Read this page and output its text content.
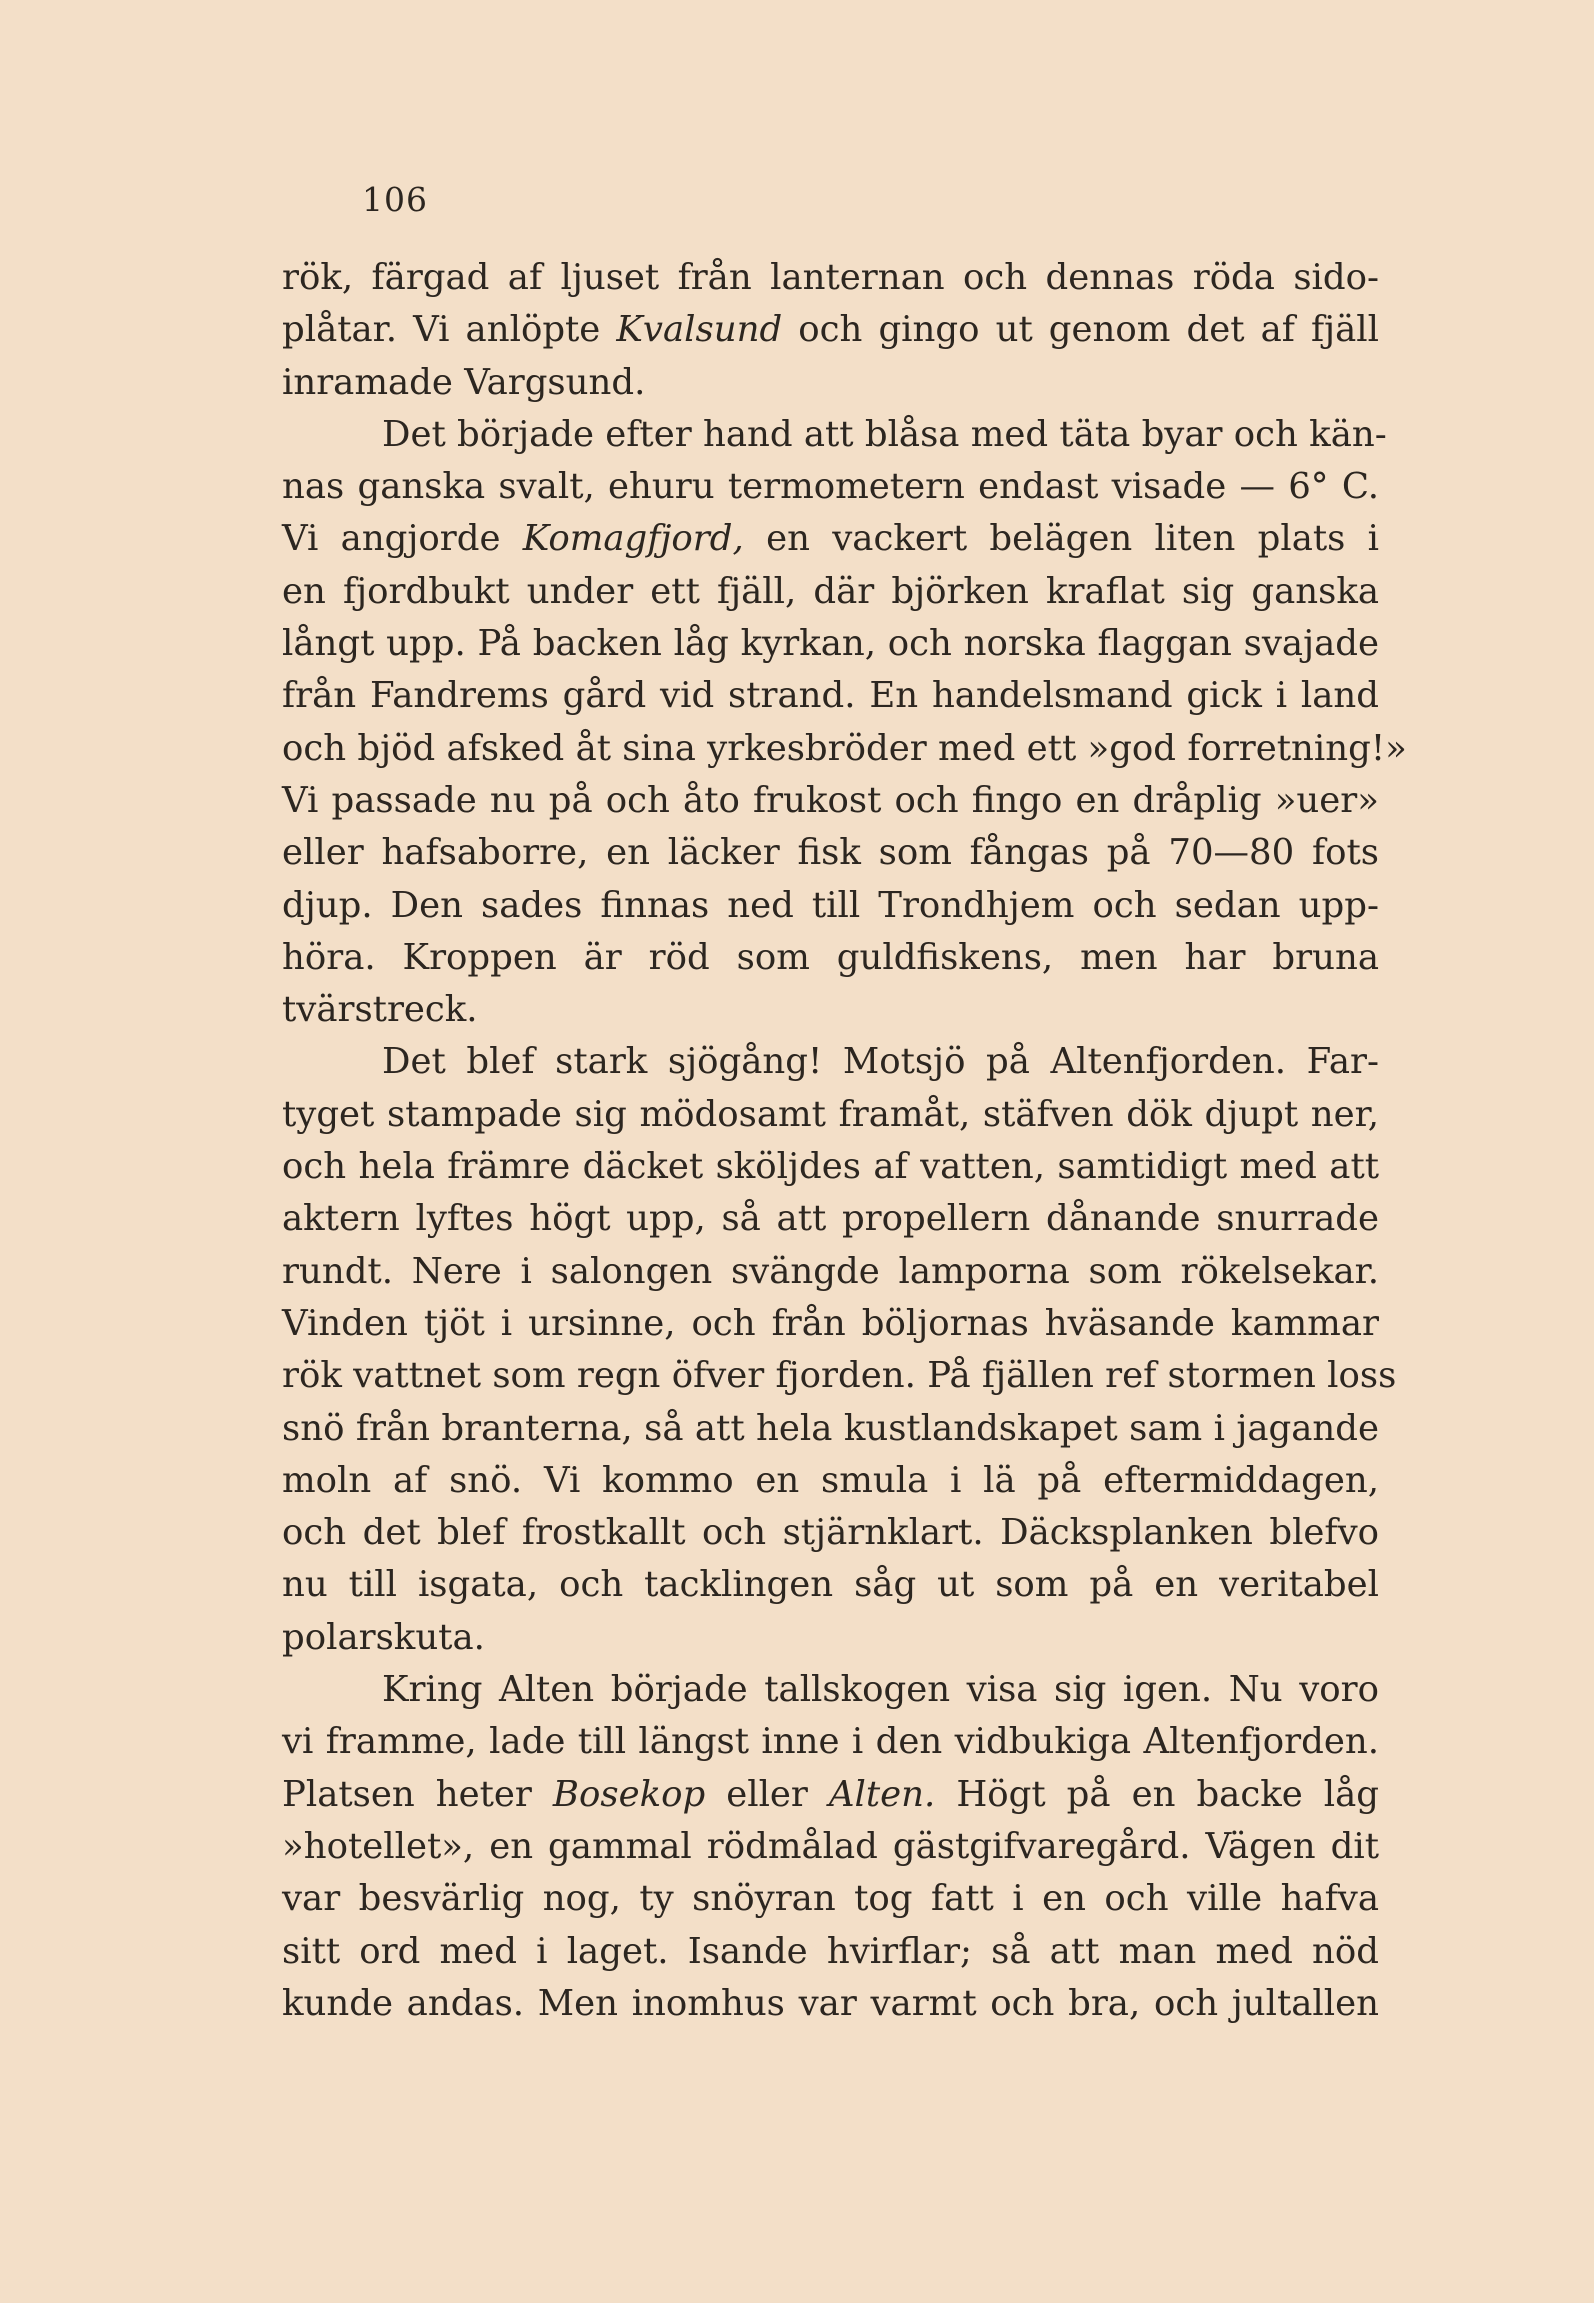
106
rök, färgad af ljuset från lanternan och dennas röda sido-
plåtar. Vi anlöpte Kvalsund och gingo ut genom det af fjäll
inramade Vargsund.
Det började efter hand att blåsa med täta byar och kän-
nas ganska svalt, ehuru termometern endast visade — 6° C.
Vi angjorde Komagfjord, en vackert belägen liten plats i
en fjordbukt under ett fjäll, där björken kraflat sig ganska
långt upp. På backen låg kyrkan, och norska flaggan svajade
från Fandrems gård vid strand. En handelsmand gick i land
och bjöd afsked åt sina yrkesbröder med ett »god forretning!»
Vi passade nu på och åto frukost och fingo en dråplig »uer»
eller hafsaborre, en läcker fisk som fångas på 70—80 fots
djup. Den sades finnas ned till Trondhjem och sedan upp-
höra. Kroppen är röd som guldfiskens, men har bruna
tvärstreck.
Det blef stark sjögång! Motsjö på Altenfjorden. Far-
tyget stampade sig mödosamt framåt, stäfven dök djupt ner,
och hela främre däcket sköljdes af vatten, samtidigt med att
aktern lyftes högt upp, så att propellern dånande snurrade
rundt. Nere i salongen svängde lamporna som rökelsekar.
Vinden tjöt i ursinne, och från böljornas hväsande kammar
rök vattnet som regn öfver fjorden. På fjällen ref stormen loss
snö från branterna, så att hela kustlandskapet sam i jagande
moln af snö. Vi kommo en smula i lä på eftermiddagen,
och det blef frostkallt och stjärnklart. Däcksplanken blefvo
nu till isgata, och tacklingen såg ut som på en veritabel
polarskuta.
Kring Alten började tallskogen visa sig igen. Nu voro
vi framme, lade till längst inne i den vidbukiga Altenfjorden.
Platsen heter Bosekop eller Alten. Högt på en backe låg
»hotellet», en gammal rödmålad gästgifvaregård. Vägen dit
var besvärlig nog, ty snöyran tog fatt i en och ville hafva
sitt ord med i laget. Isande hvirflar; så att man med nöd
kunde andas. Men inomhus var varmt och bra, och jultallen
